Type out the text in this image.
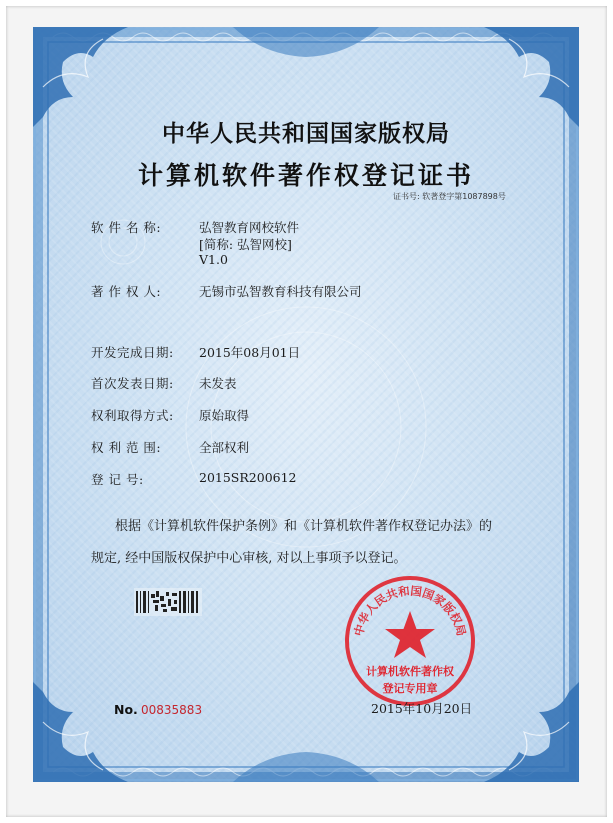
中华人民共和国国家版权局
计算机软件著作权登记证书
证书号: 软著登字第1087898号
软 件 名 称:	弘智教育网校软件
[简称: 弘智网校]
V1.0
著 作 权 人:	无锡市弘智教育科技有限公司
开发完成日期: 2015年08月01日
首次发表日期: 未发表
权利取得方式: 原始取得
权 利 范 围:	全部权利
登 记 号:	2015SR200612
根据《计算机软件保护条例》和《计算机软件著作权登记办法》的
规定, 经中国版权保护中心审核, 对以上事项予以登记。
No. 00835883
中华人民共和国国家版权局
计算机软件著作权
登记专用章
2015年10月20日
